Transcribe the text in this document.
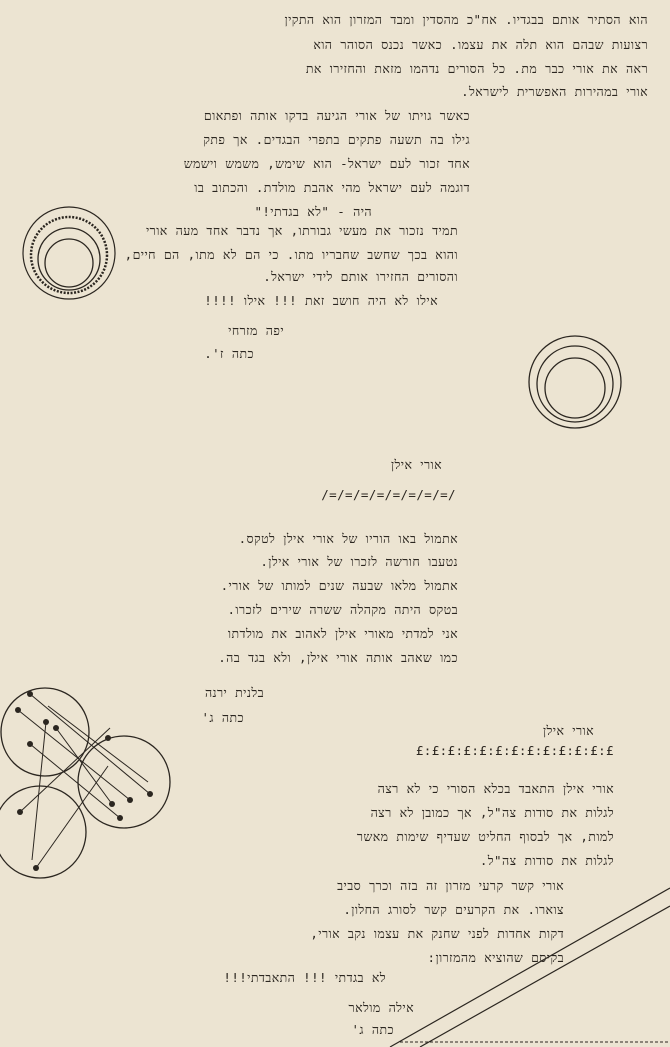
הוא הסתיר אותם בבגדיו. אח"כ מהסדין ומבד המזרון הוא התקין
רצועות שבהם הוא תלה את עצמו. כאשר נכנס הסוהר הוא
ראה את אורי כבר מת. כל הסורים נדהמו מזאת והחזירו את
אורי במהירות האפשרית לישראל.
כאשר גויתו של אורי הגיעה בדקו אותה ופתאום
גילו בה תשעה פתקים בתפרי הבגדים. אך פתק
אחד זכור לעם ישראל- הוא שימש, משמש וישמש
דוגמה לעם ישראל מהי אהבת מולדת. והכתוב בו
היה - "לא בגדתי!"
תמיד נזכור את מעשי גבורתו, אך נדבר אחד מעה אורי
והוא בכך שחשב שחבריו מתו. כי הם לא מתו, הם חיים,
והסורים החזירו אותם לידי ישראל.
אילו לא היה חושב זאת !!! אילו !!!!
יפה מזרחי
כתה ז'.
אורי אילן
/=/=/=/=/=/=/=/=/
אתמול באו הוריו של אורי אילן לטקס.
נטעבו חורשה לזכרו של אורי אילן.
אתמול מלאו שבעה שנים למותו של אורי.
בטקס היתה מקהלה ששרה שירים לזכרו.
אני למדתי מאורי אילן לאהוב את מולדתו
כמו שאהב אותה אורי אילן, ולא בגד בה.
בלנית ירנה
כתה ג'
אורי אילן
£:£:£:£:£:£:£:£:£:£:£:£:£
אורי אילן התאבד בכלא הסורי כי לא רצה
לגלות את סודות צה"ל, אך כמובן לא רצה
למות, אך לבסוף החליט שעדיף שימות מאשר
לגלות את סודות צה"ל.
אורי קשר קרעי מזרון זה בזה וכרך סביב
צוארו. את הקרעים קשר לסורג החלון.
דקות אחדות לפני שחנק את עצמו נקב אורי,
בקיסם שהוציא מהמזרון:
לא בגדתי !!! התאבדתי!!!
אילה מולאר
כתה ג'
